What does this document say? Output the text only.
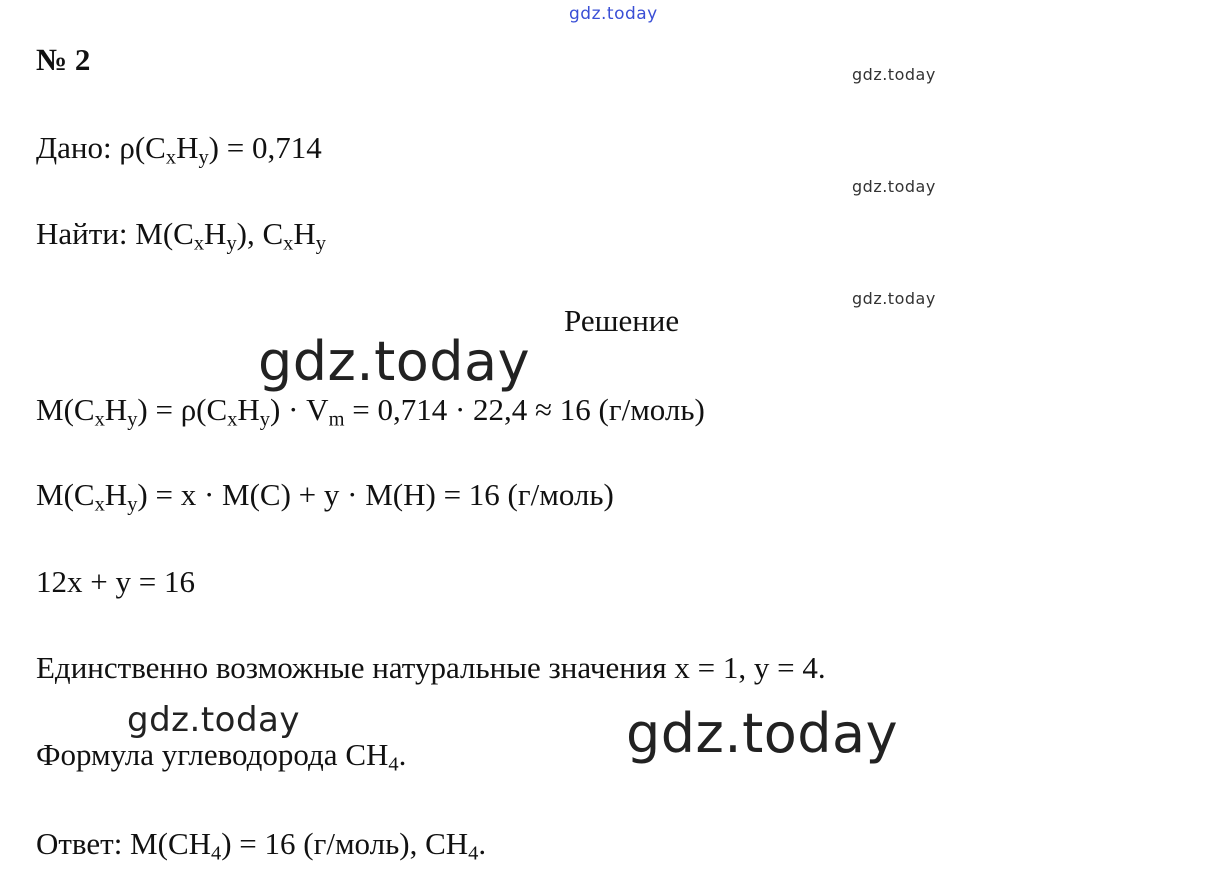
gdz.today
gdz.today
gdz.today
gdz.today
gdz.today
gdz.today	gdz.today
№ 2
Дано: $\rho(C_xH_y) = 0,714$
Найти: $M(C_xH_y)$, $C_xH_y$
Решение
$M(C_xH_y) = \rho(C_xH_y) \cdot V_m = 0,714 \cdot 22,4 \approx 16$ (г/моль)
$M(C_xH_y) = x \cdot M(C) + y \cdot M(H) = 16$ (г/моль)
12x + y = 16
Единственно возможные натуральные значения x = 1, y = 4.
Формула углеводорода $CH_4$.
Ответ: $M(CH_4) = 16$ (г/моль), $CH_4$.
